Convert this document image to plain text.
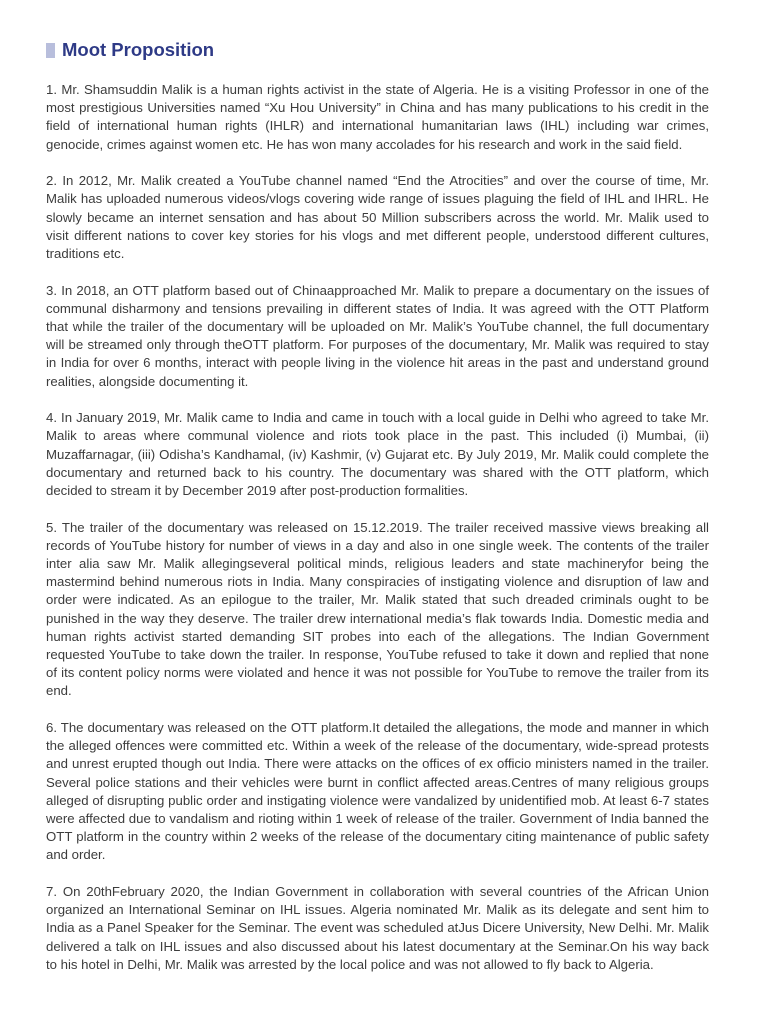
Moot Proposition

1. Mr. Shamsuddin Malik is a human rights activist in the state of Algeria. He is a visiting Professor in one of the most prestigious Universities named “Xu Hou University” in China and has many publications to his credit in the field of international human rights (IHLR) and international humanitarian laws (IHL) including war crimes, genocide, crimes against women etc. He has won many accolades for his research and work in the said field.

2. In 2012, Mr. Malik created a YouTube channel named “End the Atrocities” and over the course of time, Mr. Malik has uploaded numerous videos/vlogs covering wide range of issues plaguing the field of IHL and IHRL. He slowly became an internet sensation and has about 50 Million subscribers across the world. Mr. Malik used to visit different nations to cover key stories for his vlogs and met different people, understood different cultures, traditions etc.

3. In 2018, an OTT platform based out of Chinaapproached Mr. Malik to prepare a documentary on the issues of communal disharmony and tensions prevailing in different states of India. It was agreed with the OTT Platform that while the trailer of the documentary will be uploaded on Mr. Malik’s YouTube channel, the full documentary will be streamed only through theOTT platform. For purposes of the documentary, Mr. Malik was required to stay in India for over 6 months, interact with people living in the violence hit areas in the past and understand ground realities, alongside documenting it.

4. In January 2019, Mr. Malik came to India and came in touch with a local guide in Delhi who agreed to take Mr. Malik to areas where communal violence and riots took place in the past. This included (i) Mumbai, (ii) Muzaffarnagar, (iii) Odisha’s Kandhamal, (iv) Kashmir, (v) Gujarat etc. By July 2019, Mr. Malik could complete the documentary and returned back to his country. The documentary was shared with the OTT platform, which decided to stream it by December 2019 after post-production formalities.

5. The trailer of the documentary was released on 15.12.2019. The trailer received massive views breaking all records of YouTube history for number of views in a day and also in one single week. The contents of the trailer inter alia saw Mr. Malik allegingseveral political minds, religious leaders and state machineryfor being the mastermind behind numerous riots in India. Many conspiracies of instigating violence and disruption of law and order were indicated. As an epilogue to the trailer, Mr. Malik stated that such dreaded criminals ought to be punished in the way they deserve. The trailer drew international media’s flak towards India. Domestic media and human rights activist started demanding SIT probes into each of the allegations. The Indian Government requested YouTube to take down the trailer. In response, YouTube refused to take it down and replied that none of its content policy norms were violated and hence it was not possible for YouTube to remove the trailer from its end.

6. The documentary was released on the OTT platform.It detailed the allegations, the mode and manner in which the alleged offences were committed etc. Within a week of the release of the documentary, wide-spread protests and unrest erupted though out India. There were attacks on the offices of ex officio ministers named in the trailer. Several police stations and their vehicles were burnt in conflict affected areas.Centres of many religious groups alleged of disrupting public order and instigating violence were vandalized by unidentified mob. At least 6-7 states were affected due to vandalism and rioting within 1 week of release of the trailer. Government of India banned the OTT platform in the country within 2 weeks of the release of the documentary citing maintenance of public safety and order.

7. On 20thFebruary 2020, the Indian Government in collaboration with several countries of the African Union organized an International Seminar on IHL issues. Algeria nominated Mr. Malik as its delegate and sent him to India as a Panel Speaker for the Seminar. The event was scheduled atJus Dicere University, New Delhi. Mr. Malik delivered a talk on IHL issues and also discussed about his latest documentary at the Seminar.On his way back to his hotel in Delhi, Mr. Malik was arrested by the local police and was not allowed to fly back to Algeria.
